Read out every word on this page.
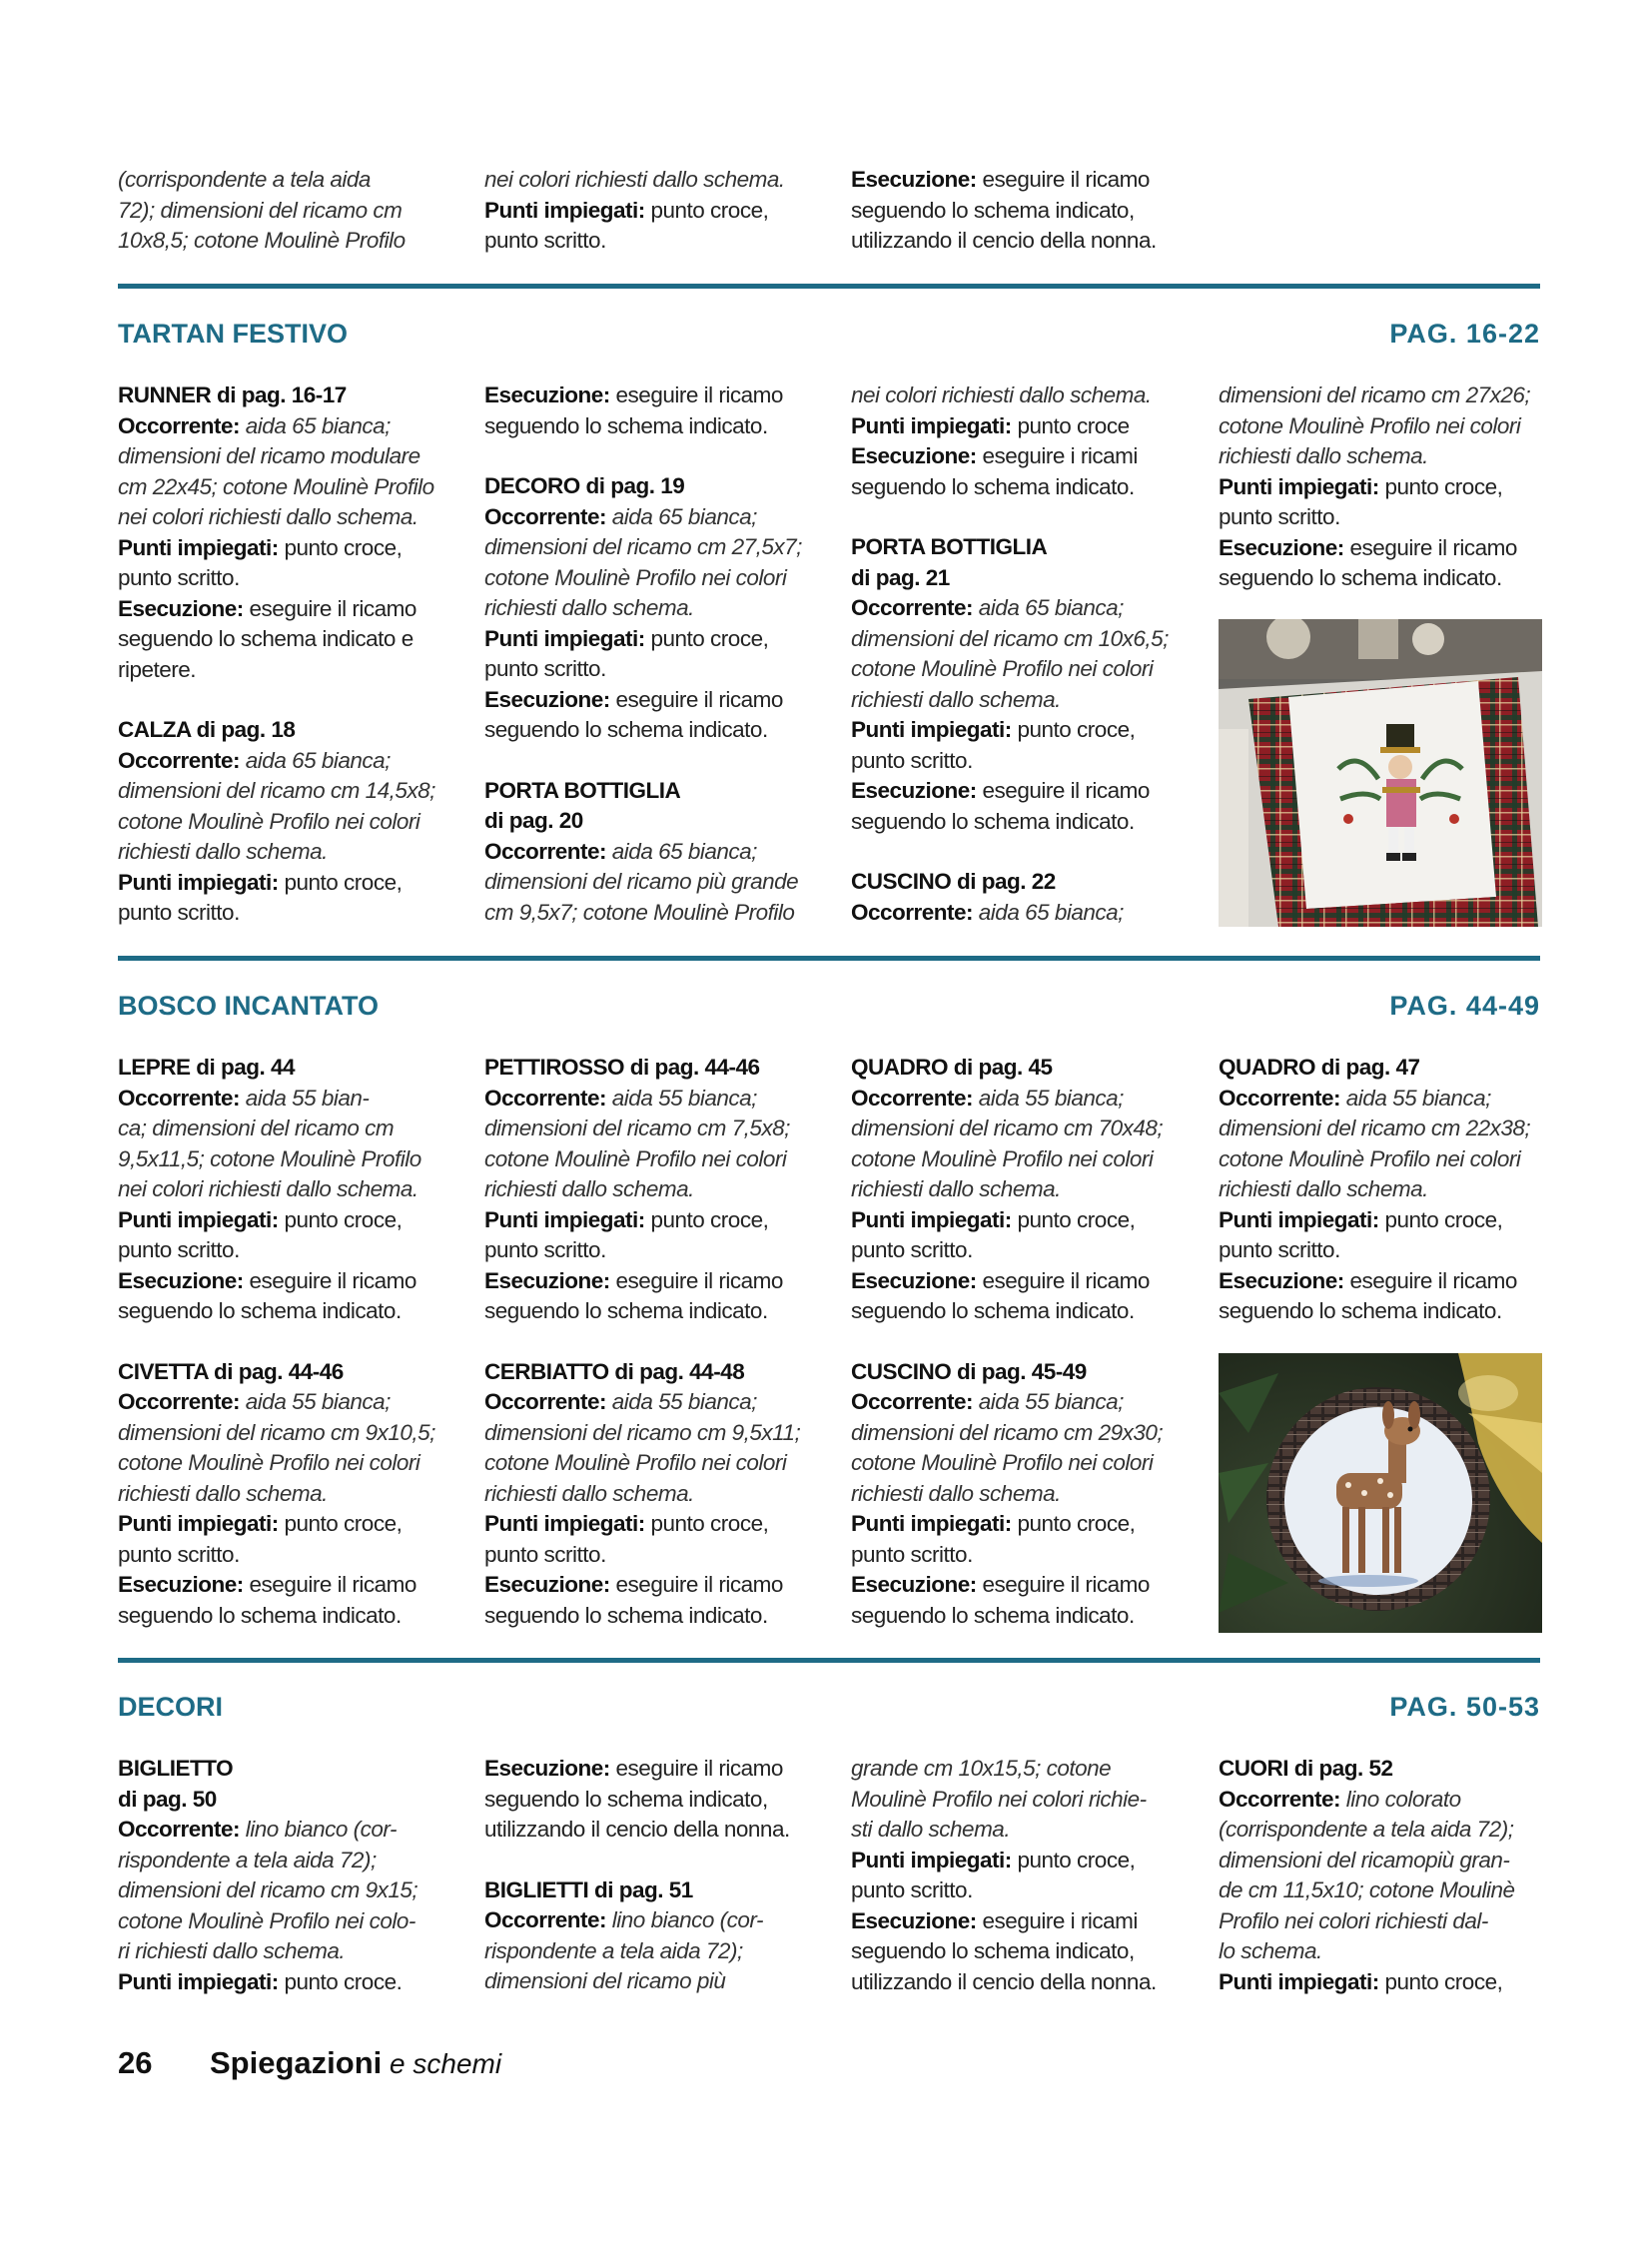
(corrispondente a tela aida

72); dimensioni del ricamo cm

10x8,5; cotone Moulinè Profilo

nei colori richiesti dallo schema.

Punti impiegati: punto croce,

punto scritto.

Esecuzione: eseguire il ricamo

seguendo lo schema indicato,

utilizzando il cencio della nonna.

TARTAN FESTIVO	PAG. 16-22

RUNNER di pag. 16-17

Occorrente: aida 65 bianca;

dimensioni del ricamo modulare

cm 22x45; cotone Moulinè Profilo

nei colori richiesti dallo schema.

Punti impiegati: punto croce,

punto scritto.

Esecuzione: eseguire il ricamo

seguendo lo schema indicato e

ripetere.

CALZA di pag. 18

Occorrente: aida 65 bianca;

dimensioni del ricamo cm 14,5x8;

cotone Moulinè Profilo nei colori

richiesti dallo schema.

Punti impiegati: punto croce,

punto scritto.

Esecuzione: eseguire il ricamo

seguendo lo schema indicato.

DECORO di pag. 19

Occorrente: aida 65 bianca;

dimensioni del ricamo cm 27,5x7;

cotone Moulinè Profilo nei colori

richiesti dallo schema.

Punti impiegati: punto croce,

punto scritto.

Esecuzione: eseguire il ricamo

seguendo lo schema indicato.

PORTA BOTTIGLIA

di pag. 20

Occorrente: aida 65 bianca;

dimensioni del ricamo più grande

cm 9,5x7; cotone Moulinè Profilo

nei colori richiesti dallo schema.

Punti impiegati: punto croce

Esecuzione: eseguire i ricami

seguendo lo schema indicato.

PORTA BOTTIGLIA

di pag. 21

Occorrente: aida 65 bianca;

dimensioni del ricamo cm 10x6,5;

cotone Moulinè Profilo nei colori

richiesti dallo schema.

Punti impiegati: punto croce,

punto scritto.

Esecuzione: eseguire il ricamo

seguendo lo schema indicato.

CUSCINO di pag. 22

Occorrente: aida 65 bianca;

dimensioni del ricamo cm 27x26;

cotone Moulinè Profilo nei colori

richiesti dallo schema.

Punti impiegati: punto croce,

punto scritto.

Esecuzione: eseguire il ricamo

seguendo lo schema indicato.

BOSCO INCANTATO	PAG. 44-49

LEPRE di pag. 44

Occorrente: aida 55 bian-

ca; dimensioni del ricamo cm

9,5x11,5; cotone Moulinè Profilo

nei colori richiesti dallo schema.

Punti impiegati: punto croce,

punto scritto.

Esecuzione: eseguire il ricamo

seguendo lo schema indicato.

CIVETTA di pag. 44-46

Occorrente: aida 55 bianca;

dimensioni del ricamo cm 9x10,5;

cotone Moulinè Profilo nei colori

richiesti dallo schema.

Punti impiegati: punto croce,

punto scritto.

Esecuzione: eseguire il ricamo

seguendo lo schema indicato.

PETTIROSSO di pag. 44-46

Occorrente: aida 55 bianca;

dimensioni del ricamo cm 7,5x8;

cotone Moulinè Profilo nei colori

richiesti dallo schema.

Punti impiegati: punto croce,

punto scritto.

Esecuzione: eseguire il ricamo

seguendo lo schema indicato.

CERBIATTO di pag. 44-48

Occorrente: aida 55 bianca;

dimensioni del ricamo cm 9,5x11;

cotone Moulinè Profilo nei colori

richiesti dallo schema.

Punti impiegati: punto croce,

punto scritto.

Esecuzione: eseguire il ricamo

seguendo lo schema indicato.

QUADRO di pag. 45

Occorrente: aida 55 bianca;

dimensioni del ricamo cm 70x48;

cotone Moulinè Profilo nei colori

richiesti dallo schema.

Punti impiegati: punto croce,

punto scritto.

Esecuzione: eseguire il ricamo

seguendo lo schema indicato.

CUSCINO di pag. 45-49

Occorrente: aida 55 bianca;

dimensioni del ricamo cm 29x30;

cotone Moulinè Profilo nei colori

richiesti dallo schema.

Punti impiegati: punto croce,

punto scritto.

Esecuzione: eseguire il ricamo

seguendo lo schema indicato.

QUADRO di pag. 47

Occorrente: aida 55 bianca;

dimensioni del ricamo cm 22x38;

cotone Moulinè Profilo nei colori

richiesti dallo schema.

Punti impiegati: punto croce,

punto scritto.

Esecuzione: eseguire il ricamo

seguendo lo schema indicato.

DECORI	PAG. 50-53

BIGLIETTO

di pag. 50

Occorrente: lino bianco (cor-

rispondente a tela aida 72);

dimensioni del ricamo cm 9x15;

cotone Moulinè Profilo nei colo-

ri richiesti dallo schema.

Punti impiegati: punto croce.

Esecuzione: eseguire il ricamo

seguendo lo schema indicato,

utilizzando il cencio della nonna.

BIGLIETTI di pag. 51

Occorrente: lino bianco (cor-

rispondente a tela aida 72);

dimensioni del ricamo più

grande cm 10x15,5; cotone

Moulinè Profilo nei colori richie-

sti dallo schema.

Punti impiegati: punto croce,

punto scritto.

Esecuzione: eseguire i ricami

seguendo lo schema indicato,

utilizzando il cencio della nonna.

CUORI di pag. 52

Occorrente: lino colorato

(corrispondente a tela aida 72);

dimensioni del ricamopiù gran-

de cm 11,5x10; cotone Moulinè

Profilo nei colori richiesti dal-

lo schema.

Punti impiegati: punto croce,

26 Spiegazioni e schemi
